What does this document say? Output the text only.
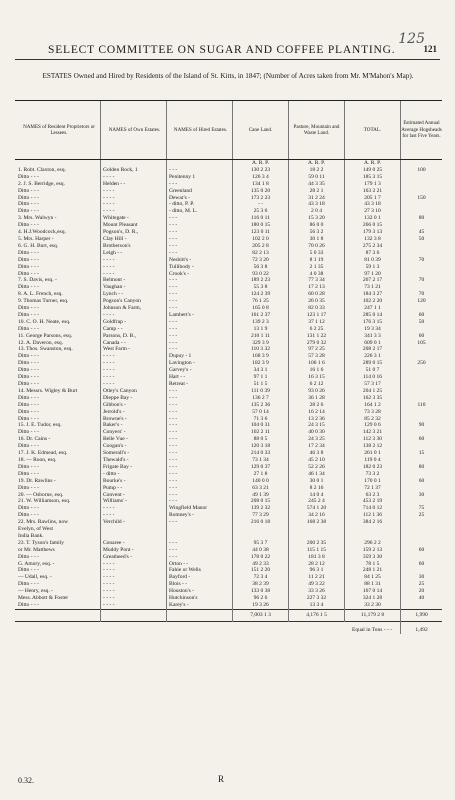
125
SELECT COMMITTEE ON SUGAR AND COFFEE PLANTING.	121
ESTATES Owned and Hired by Residents of the Island of St. Kitts, in 1847; (Number of Acres taken from Mr. M'Mahon's Map).
NAMES of Resident Proprietors or Lessees.	NAMES of Own Estates.	NAMES of Hired Estates.	Cane Land.	Pasture, Mountain and Waste Land.	TOTAL.	Estimated Annual Average Hogsheads for last Five Years.
			A. R. P.	A. R. P.	A. R. P.	
1. Robt. Claxton, esq.	Golden Rock, 1	- - -	130 2 23	18 2 2	149 0 25	100
Ditto - - -	- - - -	Penitenny 1	126 3 4	59 0 11	185 3 15	
2. J. S. Berridge, esq.	Helden - -	- - -	134 1 8	44 3 35	179 1 3	
Ditto - - -	- - - -	Greenland	135 0 20	28 2 1	163 2 21	
Ditto - - -	- - - -	Dewar's -	173 2 23	31 2 24	205 1 7	150
Ditto - - -	- - - -	- ditto, P. P.	- -	43 3 18	43 3 18	
Ditto - - -	- - - -	- ditto, M. L.	25 3 6	2 0 4	27 3 10	
3. Mrs. Walwyn -	Whitegate -	- - -	116 0 11	15 3 20	132 0 1	80
Ditto - - -	Mount Pleasant	- - -	180 0 15	86 0 0	266 0 15	
4. H.J.Woodcock,esq.	Pogson's, D. R.,	- - -	123 0 11	56 3 2	179 3 13	45
5. Mrs. Harper -	Clay Hill -	- - -	102 2 0	30 1 8	132 3 8	50
6. G. H. Burt, esq.	Brotherson's	- - -	205 2 8	70 0 26	275 2 34	
Ditto - - -	Leigh - -	- - -	82 2 13	5 0 33	87 3 6	
Ditto - - -	- - - -	Nesbitt's -	72 3 20	8 1 19	81 0 39	70
Ditto - - -	- - - -	Tullibody -	56 3 8	2 1 35	59 1 3	
Ditto - - -	- - - -	Crook's -	93 0 22	4 0 38	97 1 20	
7. S. Davis, esq. -	Belmont -	- - -	189 2 23	77 3 34	267 2 17	70
Ditto - - -	Vaughan -	- - -	55 3 8	17 2 13	73 1 21	
8. A. L. French, esq.	Lynch - -	- - -	124 2 39	60 0 28	184 3 27	70
9. Thomas Turner, esq.	Pogson's Canyon	- - -	76 1 25	26 0 35	102 2 20	120
Ditto - - -	Johnson & Farm,	- - -	165 0 8	82 0 33	247 1 1	
Ditto - - -	- - - -	Lambert's -	161 2 37	123 1 17	285 0 14	60
10. C. O. H. Neate, esq.	Goldfrap -	- - -	139 2 3	37 1 12	176 3 15	50
Ditto - - -	Camp - -	- - -	13 1 9	6 2 25	19 3 34	
11. George Parsons, esq.	Parsons, D. B.,	- - -	210 1 11	131 1 22	341 3 3	60
12. A. Daveron, esq.	Canada - -	- - -	329 3 9	279 0 32	609 0 1	105
13. Thos. Swanston, esq.	West Farm -	- - -	110 3 32	97 2 25	208 2 17	
Ditto - - -	- - - -	Dupuy - 1	168 3 9	57 3 28	226 3 1	
Ditto - - -	- - - -	Lavington -	182 3 9	106 1 6	289 0 15	250
Ditto - - -	- - - -	Garvey's -	34 3 1	16 1 6	51 0 7	
Ditto - - -	- - - -	Hart - -	97 1 1	16 3 15	114 0 16	
Ditto - - -	- - - -	Retreat -	51 1 5	6 2 12	57 3 17	
14. Messrs. Wigley & Burt	Otley's Canyon	- - -	111 0 39	93 0 26	204 1 25	
Ditto - - -	Dieppe Bay -	- - -	136 2 7	36 1 28	162 3 35	
Ditto - - -	Gibbon's -	- - -	135 2 36	28 2 6	164 1 2	110
Ditto - - -	Jerrold's -	- - -	57 0 14	16 2 14	73 3 28	
Ditto - - -	Browne's -	- - -	71 3 6	13 2 36	85 2 32	
15. J. E. Tudor, esq.	Baker's -	- - -	104 0 31	24 3 15	129 0 6	90
Ditto - - -	Conyers' -	- - -	102 2 11	40 0 30	142 3 21	
16. Dr. Cains -	Belle Vue -	- - -	88 0 5	24 3 25	112 3 30	60
Ditto - - -	Coogan's -	- - -	120 3 18	17 2 34	138 2 12	
17. J. K. Edmead, esq.	Somerall's -	- - -	214 0 33	46 3 8	261 0 1	15
18. — Roon, esq.	Thewald's -	- - -	73 1 34	45 2 10	119 0 4	
Ditto - - -	Frigate Bay -	- - -	129 0 37	52 2 26	182 0 23	80
Ditto - - -	- ditto -	- - -	27 1 8	46 1 34	73 3 2	
19. Dr. Rawlins -	Bourke's -	- - -	140 0 0	30 0 1	170 0 1	60
Ditto - - -	Pump - -	- - -	63 3 21	8 2 16	72 1 37	
20. — Osborne, esq.	Convent -	- - -	49 1 39	14 0 4	63 2 3	30
21. W. Williamson, esq.	Williams' -	- - -	208 0 15	245 2 4	453 2 19	
Ditto - - -	- - - -	Wingfield Manor	139 2 32	574 1 20	714 0 12	75
Ditto - - -	- - - -	Romney's -	77 3 29	34 2 16	112 1 36	25
22. Mrs. Rawlins, now	Verchild -	- - -	216 0 18	168 2 38	384 2 16	
Evelyn, of West						
India Bank.						
23. T. Tyson's family	Conaree -	- - -	95 3 7	200 2 35	296 2 2	
or Mr. Matthews	Muddy Pont -	- - -	44 0 38	115 1 15	159 2 13	60
Ditto - - -	Greatheed's -	- - -	178 0 22	181 3 8	359 3 30	
G. Amory, esq. -	- - - -	Orton - -	49 2 33	28 2 12	78 1 5	60
Ditto - - -	- - - -	Fahie or Wells	151 2 20	96 3 1	248 1 21	
— Udall, esq. -	- - - -	Bayford -	72 3 4	11 2 21	84 1 25	30
Ditto - - -	- - - -	Blois - -	38 2 39	49 3 22	88 1 31	25
— Henry, esq. -	- - - -	Houston's -	133 0 38	33 3 26	167 0 14	20
Mess. Abbott & Foster	- - - -	Hutchinson's	96 2 6	227 3 32	324 1 28	40
Ditto - - -	- - - -	Karey's -	19 3 26	13 3 4	33 2 30	
			7,003 1 3	4,176 1 5	11,179 2 8	1,990
Equal in Tons - - -						1,492
0.32.	R
